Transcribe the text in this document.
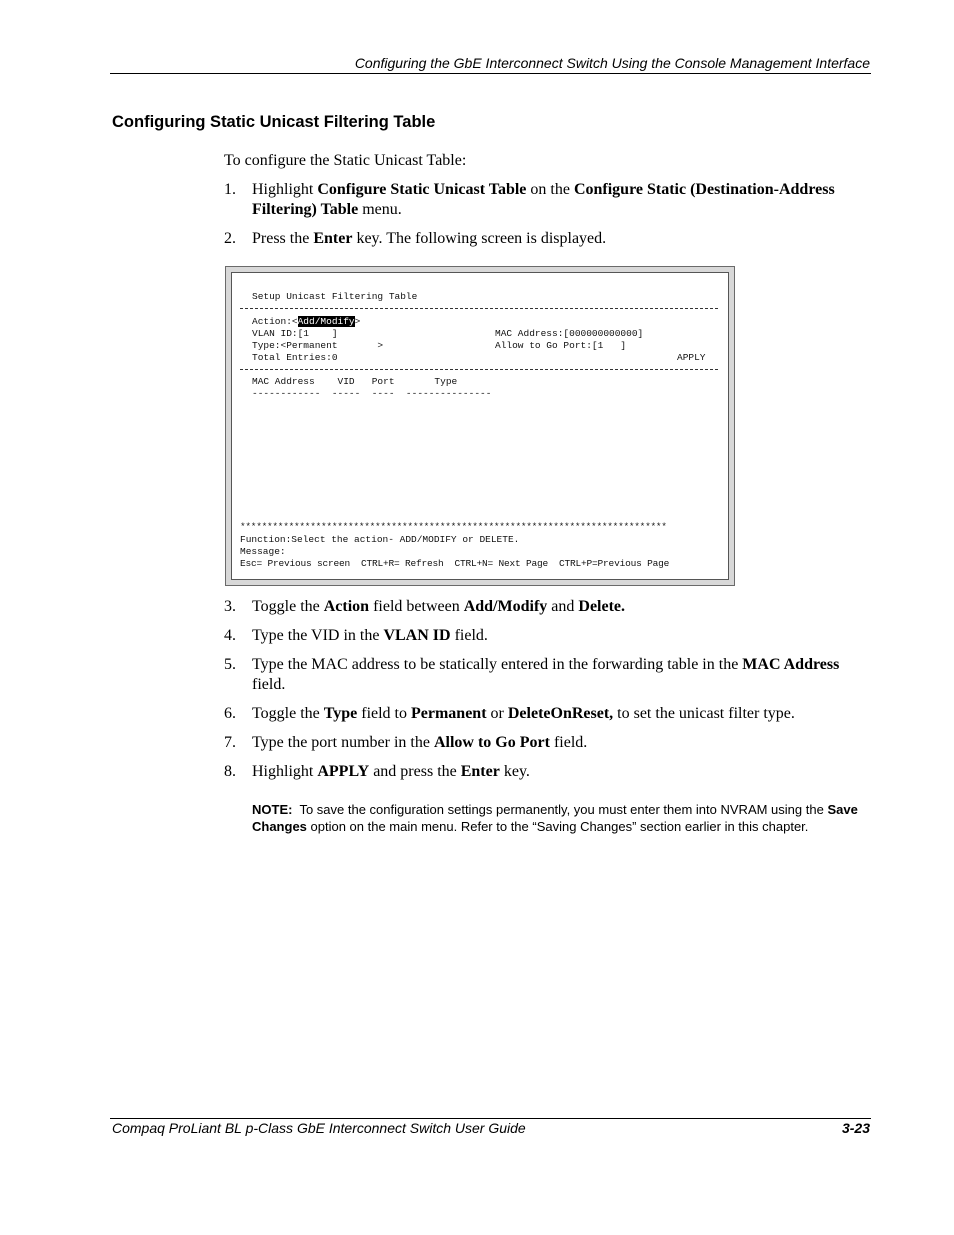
Configuring the GbE Interconnect Switch Using the Console Management Interface
Configuring Static Unicast Filtering Table
To configure the Static Unicast Table:
1.	Highlight Configure Static Unicast Table on the Configure Static (Destination-Address Filtering) Table menu.
2.	Press the Enter key. The following screen is displayed.
Setup Unicast Filtering Table
Action:<Add/Modify>
VLAN ID:[1    ]	MAC Address:[000000000000]
Type:<Permanent       >	Allow to Go Port:[1   ]
Total Entries:0	APPLY
MAC Address    VID   Port       Type
------------  -----  ----  ---------------
*******************************************************************************
Function:Select the action- ADD/MODIFY or DELETE.
Message:
Esc= Previous screen  CTRL+R= Refresh  CTRL+N= Next Page  CTRL+P=Previous Page
3.	Toggle the Action field between Add/Modify and Delete.
4.	Type the VID in the VLAN ID field.
5.	Type the MAC address to be statically entered in the forwarding table in the MAC Address field.
6.	Toggle the Type field to Permanent or DeleteOnReset, to set the unicast filter type.
7.	Type the port number in the Allow to Go Port field.
8.	Highlight APPLY and press the Enter key.
NOTE: To save the configuration settings permanently, you must enter them into NVRAM using the Save Changes option on the main menu. Refer to the “Saving Changes” section earlier in this chapter.
Compaq ProLiant BL p-Class GbE Interconnect Switch User Guide	3-23
